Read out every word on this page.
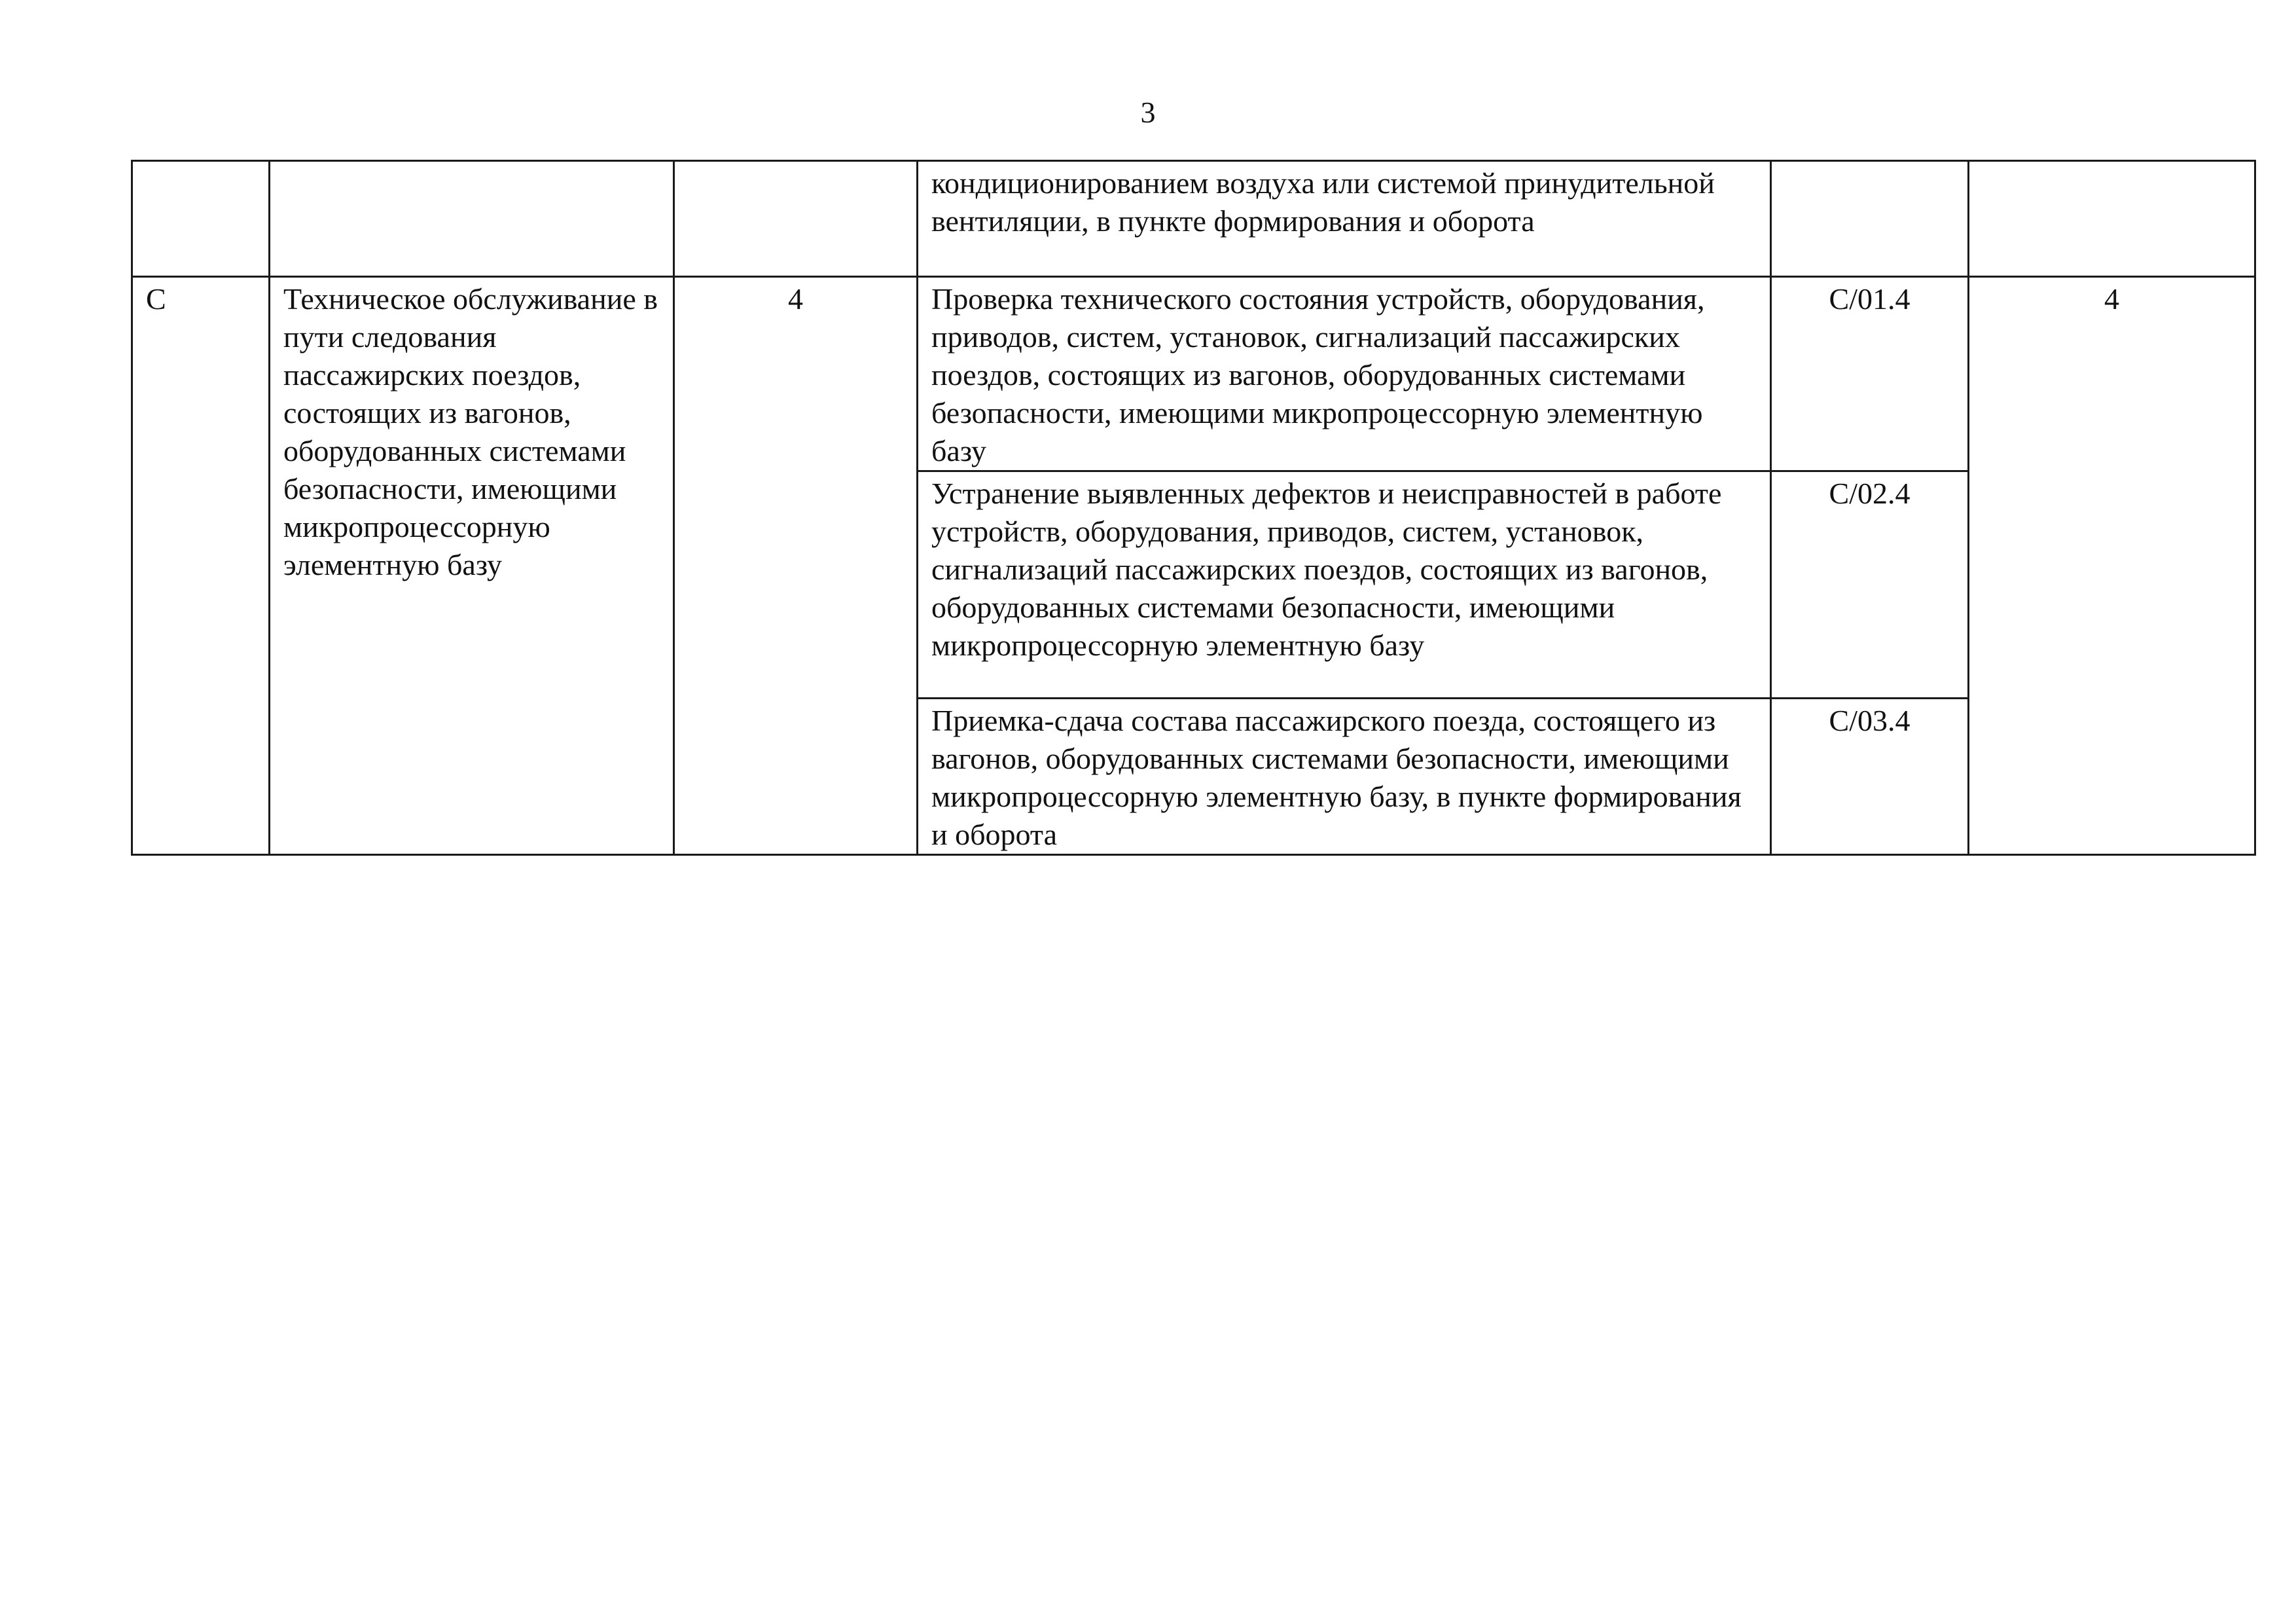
3
			кондиционированием воздуха или системой принудительной вентиляции, в пункте формирования и оборота		
С	Техническое обслуживание в пути следования пассажирских поездов, состоящих из вагонов, оборудованных системами безопасности, имеющими микропроцессорную элементную базу	4	Проверка технического состояния устройств, оборудования, приводов, систем, установок, сигнализаций пассажирских поездов, состоящих из вагонов, оборудованных системами безопасности, имеющими микропроцессорную элементную базу	С/01.4	4
			Устранение выявленных дефектов и неисправностей в работе устройств, оборудования, приводов, систем, установок, сигнализаций пассажирских поездов, состоящих из вагонов, оборудованных системами безопасности, имеющими микропроцессорную элементную базу	С/02.4	
			Приемка-сдача состава пассажирского поезда, состоящего из вагонов, оборудованных системами безопасности, имеющими микропроцессорную элементную базу, в пункте формирования и оборота	С/03.4	
